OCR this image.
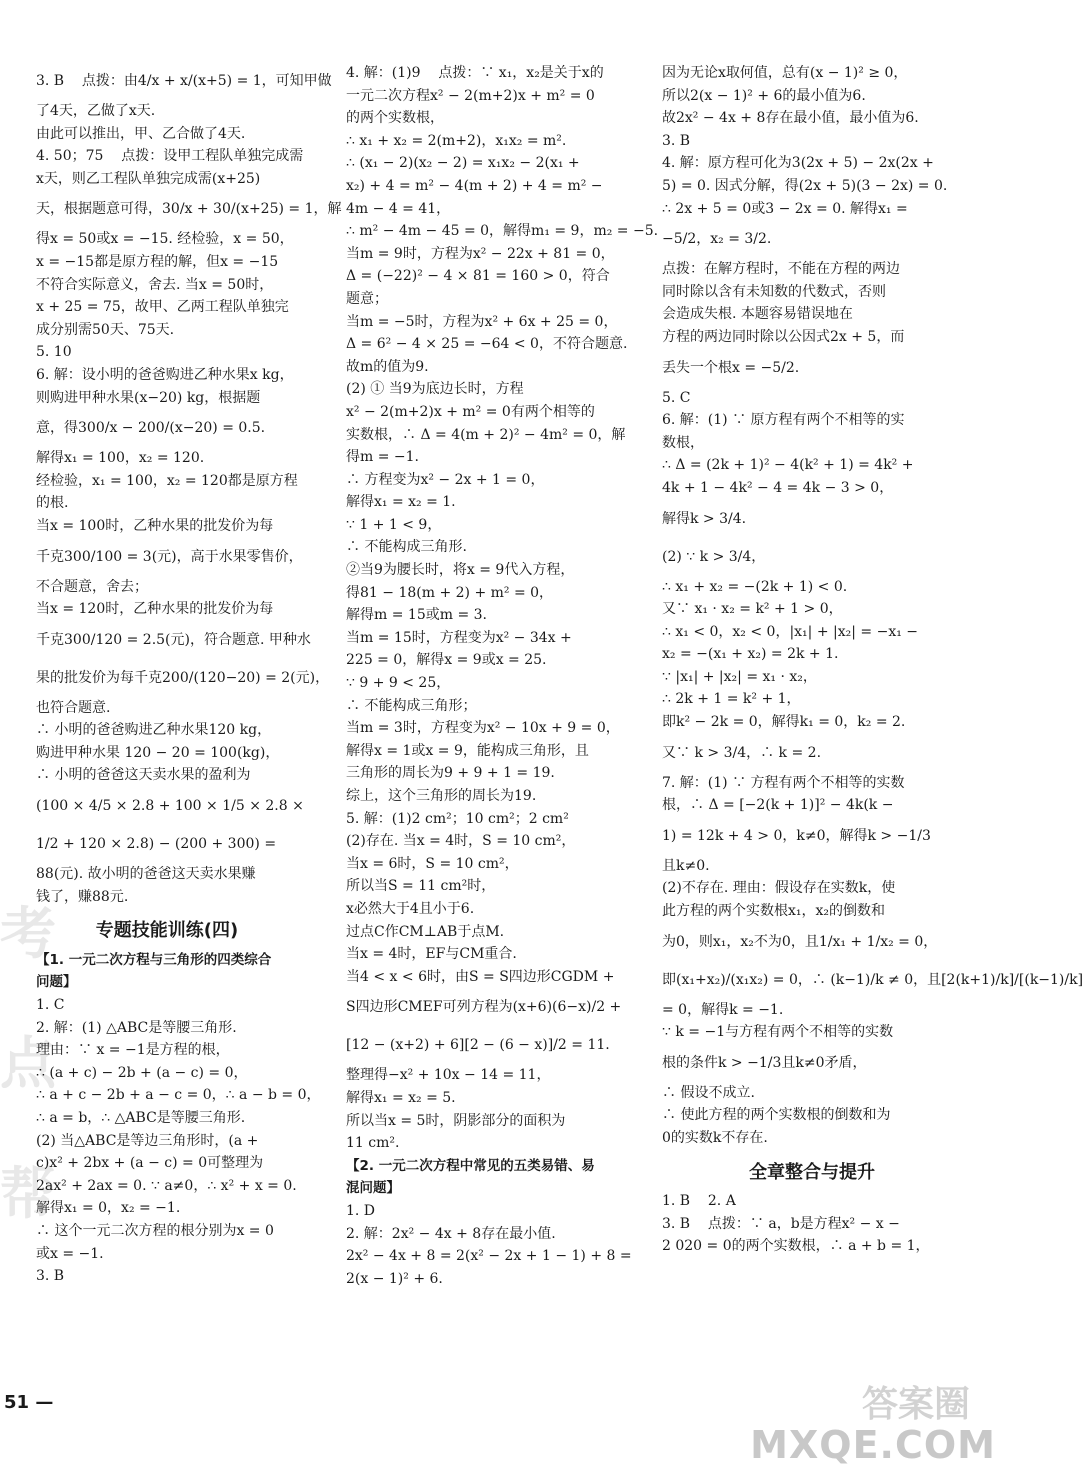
考
点
帮
3. B    点拨：由4/x + x/(x+5) = 1，可知甲做
了4天，乙做了x天.
由此可以推出，甲、乙合做了4天.
4. 50；75    点拨：设甲工程队单独完成需
x天，则乙工程队单独完成需(x+25)
天，根据题意可得，30/x + 30/(x+25) = 1，解
得x = 50或x = −15. 经检验，x = 50，
x = −15都是原方程的解，但x = −15
不符合实际意义，舍去. 当x = 50时，
x + 25 = 75，故甲、乙两工程队单独完
成分别需50天、75天.
5. 10
6. 解：设小明的爸爸购进乙种水果x kg，
则购进甲种水果(x−20) kg，根据题
意，得300/x − 200/(x−20) = 0.5.
解得x₁ = 100，x₂ = 120.
经检验，x₁ = 100，x₂ = 120都是原方程
的根.
当x = 100时，乙种水果的批发价为每
千克300/100 = 3(元)，高于水果零售价，
不合题意，舍去；
当x = 120时，乙种水果的批发价为每
千克300/120 = 2.5(元)，符合题意. 甲种水
果的批发价为每千克200/(120−20) = 2(元)，
也符合题意.
∴ 小明的爸爸购进乙种水果120 kg，
购进甲种水果 120 − 20 = 100(kg)，
∴ 小明的爸爸这天卖水果的盈利为
(100 × 4/5 × 2.8 + 100 × 1/5 × 2.8 ×
1/2 + 120 × 2.8) − (200 + 300) =
88(元). 故小明的爸爸这天卖水果赚
钱了，赚88元.
专题技能训练(四)
【1. 一元二次方程与三角形的四类综合
问题】
1. C
2. 解：(1) △ABC是等腰三角形.
理由：∵ x = −1是方程的根，
∴ (a + c) − 2b + (a − c) = 0，
∴ a + c − 2b + a − c = 0，∴ a − b = 0，
∴ a = b，∴ △ABC是等腰三角形.
(2) 当△ABC是等边三角形时，(a +
c)x² + 2bx + (a − c) = 0可整理为
2ax² + 2ax = 0. ∵ a≠0，∴ x² + x = 0.
解得x₁ = 0，x₂ = −1.
∴ 这个一元二次方程的根分别为x = 0
或x = −1.
3. B
4. 解：(1)9    点拨：∵ x₁，x₂是关于x的
一元二次方程x² − 2(m+2)x + m² = 0
的两个实数根，
∴ x₁ + x₂ = 2(m+2)，x₁x₂ = m².
∴ (x₁ − 2)(x₂ − 2) = x₁x₂ − 2(x₁ +
x₂) + 4 = m² − 4(m + 2) + 4 = m² −
4m − 4 = 41，
∴ m² − 4m − 45 = 0，解得m₁ = 9，m₂ = −5.
当m = 9时，方程为x² − 22x + 81 = 0，
Δ = (−22)² − 4 × 81 = 160 > 0，符合
题意；
当m = −5时，方程为x² + 6x + 25 = 0，
Δ = 6² − 4 × 25 = −64 < 0，不符合题意.
故m的值为9.
(2) ① 当9为底边长时，方程
x² − 2(m+2)x + m² = 0有两个相等的
实数根，∴ Δ = 4(m + 2)² − 4m² = 0，解
得m = −1.
∴ 方程变为x² − 2x + 1 = 0，
解得x₁ = x₂ = 1.
∵ 1 + 1 < 9，
∴ 不能构成三角形.
②当9为腰长时，将x = 9代入方程，
得81 − 18(m + 2) + m² = 0，
解得m = 15或m = 3.
当m = 15时，方程变为x² − 34x +
225 = 0，解得x = 9或x = 25.
∵ 9 + 9 < 25，
∴ 不能构成三角形；
当m = 3时，方程变为x² − 10x + 9 = 0，
解得x = 1或x = 9，能构成三角形，且
三角形的周长为9 + 9 + 1 = 19.
综上，这个三角形的周长为19.
5. 解：(1)2 cm²；10 cm²；2 cm²
(2)存在. 当x = 4时，S = 10 cm²，
当x = 6时，S = 10 cm²，
所以当S = 11 cm²时，
x必然大于4且小于6.
过点C作CM⊥AB于点M.
当x = 4时，EF与CM重合.
当4 < x < 6时，由S = S四边形CGDM +
S四边形CMEF可列方程为(x+6)(6−x)/2 +
[12 − (x+2) + 6][2 − (6 − x)]/2 = 11.
整理得−x² + 10x − 14 = 11，
解得x₁ = x₂ = 5.
所以当x = 5时，阴影部分的面积为
11 cm².
【2. 一元二次方程中常见的五类易错、易
混问题】
1. D
2. 解：2x² − 4x + 8存在最小值.
2x² − 4x + 8 = 2(x² − 2x + 1 − 1) + 8 =
2(x − 1)² + 6.
因为无论x取何值，总有(x − 1)² ≥ 0，
所以2(x − 1)² + 6的最小值为6.
故2x² − 4x + 8存在最小值，最小值为6.
3. B
4. 解：原方程可化为3(2x + 5) − 2x(2x +
5) = 0. 因式分解，得(2x + 5)(3 − 2x) = 0.
∴ 2x + 5 = 0或3 − 2x = 0. 解得x₁ =
−5/2，x₂ = 3/2.
点拨：在解方程时，不能在方程的两边
同时除以含有未知数的代数式，否则
会造成失根. 本题容易错误地在
方程的两边同时除以公因式2x + 5，而
丢失一个根x = −5/2.
5. C
6. 解：(1) ∵ 原方程有两个不相等的实
数根，
∴ Δ = (2k + 1)² − 4(k² + 1) = 4k² +
4k + 1 − 4k² − 4 = 4k − 3 > 0，
解得k > 3/4.
(2) ∵ k > 3/4，
∴ x₁ + x₂ = −(2k + 1) < 0.
又∵ x₁ · x₂ = k² + 1 > 0，
∴ x₁ < 0，x₂ < 0，|x₁| + |x₂| = −x₁ −
x₂ = −(x₁ + x₂) = 2k + 1.
∵ |x₁| + |x₂| = x₁ · x₂，
∴ 2k + 1 = k² + 1，
即k² − 2k = 0，解得k₁ = 0，k₂ = 2.
又∵ k > 3/4，∴ k = 2.
7. 解：(1) ∵ 方程有两个不相等的实数
根，∴ Δ = [−2(k + 1)]² − 4k(k −
1) = 12k + 4 > 0，k≠0，解得k > −1/3
且k≠0.
(2)不存在. 理由：假设存在实数k，使
此方程的两个实数根x₁，x₂的倒数和
为0，则x₁，x₂不为0，且1/x₁ + 1/x₂ = 0，
即(x₁+x₂)/(x₁x₂) = 0，∴ (k−1)/k ≠ 0，且[2(k+1)/k]/[(k−1)/k]
= 0，解得k = −1.
∵ k = −1与方程有两个不相等的实数
根的条件k > −1/3且k≠0矛盾，
∴ 假设不成立.
∴ 使此方程的两个实数根的倒数和为
0的实数k不存在.
全章整合与提升
1. B    2. A
3. B    点拨：∵ a，b是方程x² − x −
2 020 = 0的两个实数根，∴ a + b = 1，
51 —	答案圈
MXQE.COM
